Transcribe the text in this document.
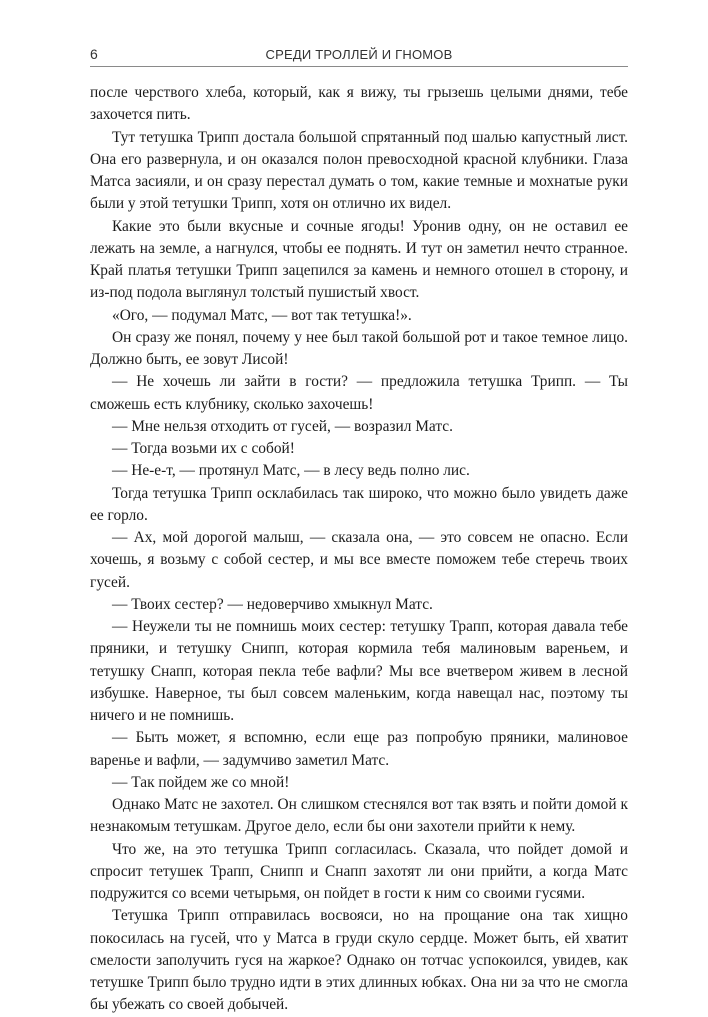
6	СРЕДИ ТРОЛЛЕЙ И ГНОМОВ

после черствого хлеба, который, как я вижу, ты грызешь целыми днями, тебе захочется пить.

Тут тетушка Трипп достала большой спрятанный под шалью капустный лист. Она его развернула, и он оказался полон превосходной красной клубники. Глаза Матса засияли, и он сразу перестал думать о том, какие темные и мохнатые руки были у этой тетушки Трипп, хотя он отлично их видел.

Какие это были вкусные и сочные ягоды! Уронив одну, он не оставил ее лежать на земле, а нагнулся, чтобы ее поднять. И тут он заметил нечто странное. Край платья тетушки Трипп зацепился за камень и немного отошел в сторону, и из-под подола выглянул толстый пушистый хвост.

«Ого, — подумал Матс, — вот так тетушка!».

Он сразу же понял, почему у нее был такой большой рот и такое темное лицо. Должно быть, ее зовут Лисой!

— Не хочешь ли зайти в гости? — предложила тетушка Трипп. — Ты сможешь есть клубнику, сколько захочешь!

— Мне нельзя отходить от гусей, — возразил Матс.

— Тогда возьми их с собой!

— Не-е-т, — протянул Матс, — в лесу ведь полно лис.

Тогда тетушка Трипп осклабилась так широко, что можно было увидеть даже ее горло.

— Ах, мой дорогой малыш, — сказала она, — это совсем не опасно. Если хочешь, я возьму с собой сестер, и мы все вместе поможем тебе стеречь твоих гусей.

— Твоих сестер? — недоверчиво хмыкнул Матс.

— Неужели ты не помнишь моих сестер: тетушку Трапп, которая давала тебе пряники, и тетушку Снипп, которая кормила тебя малиновым вареньем, и тетушку Снапп, которая пекла тебе вафли? Мы все вчетвером живем в лесной избушке. Наверное, ты был совсем маленьким, когда навещал нас, поэтому ты ничего и не помнишь.

— Быть может, я вспомню, если еще раз попробую пряники, малиновое варенье и вафли, — задумчиво заметил Матс.

— Так пойдем же со мной!

Однако Матс не захотел. Он слишком стеснялся вот так взять и пойти домой к незнакомым тетушкам. Другое дело, если бы они захотели прийти к нему.

Что же, на это тетушка Трипп согласилась. Сказала, что пойдет домой и спросит тетушек Трапп, Снипп и Снапп захотят ли они прийти, а когда Матс подружится со всеми четырьмя, он пойдет в гости к ним со своими гусями.

Тетушка Трипп отправилась восвояси, но на прощание она так хищно покосилась на гусей, что у Матса в груди скуло сердце. Может быть, ей хватит смелости заполучить гуся на жаркое? Однако он тотчас успокоился, увидев, как тетушке Трипп было трудно идти в этих длинных юбках. Она ни за что не смогла бы убежать со своей добычей.
